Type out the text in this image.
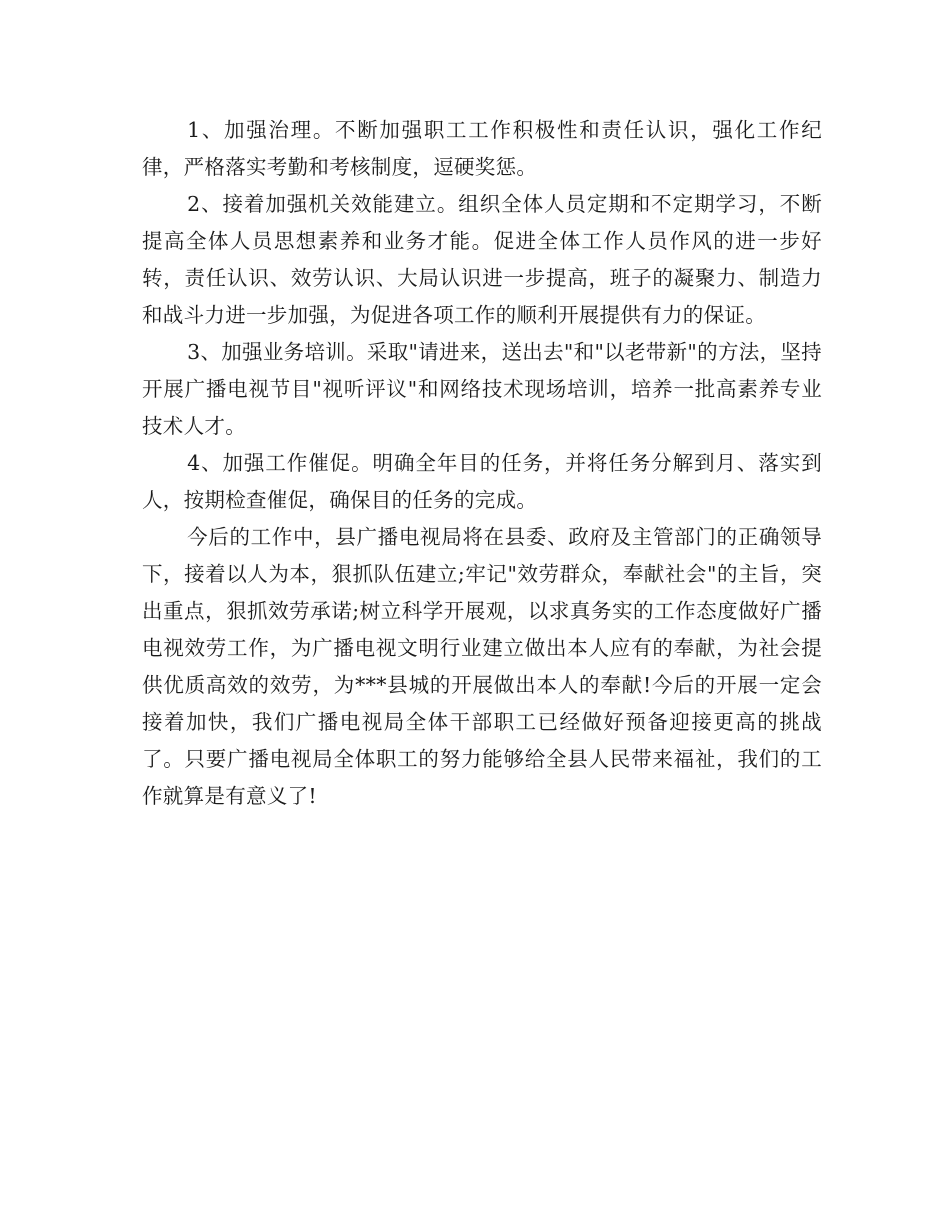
1、加强治理。不断加强职工工作积极性和责任认识，强化工作纪律，严格落实考勤和考核制度，逗硬奖惩。

2、接着加强机关效能建立。组织全体人员定期和不定期学习，不断提高全体人员思想素养和业务才能。促进全体工作人员作风的进一步好转，责任认识、效劳认识、大局认识进一步提高，班子的凝聚力、制造力和战斗力进一步加强，为促进各项工作的顺利开展提供有力的保证。

3、加强业务培训。采取"请进来，送出去"和"以老带新"的方法，坚持开展广播电视节目"视听评议"和网络技术现场培训，培养一批高素养专业技术人才。

4、加强工作催促。明确全年目的任务，并将任务分解到月、落实到人，按期检查催促，确保目的任务的完成。

今后的工作中，县广播电视局将在县委、政府及主管部门的正确领导下，接着以人为本，狠抓队伍建立;牢记"效劳群众，奉献社会"的主旨，突出重点，狠抓效劳承诺;树立科学开展观，以求真务实的工作态度做好广播电视效劳工作，为广播电视文明行业建立做出本人应有的奉献，为社会提供优质高效的效劳，为***县城的开展做出本人的奉献!今后的开展一定会接着加快，我们广播电视局全体干部职工已经做好预备迎接更高的挑战了。只要广播电视局全体职工的努力能够给全县人民带来福祉，我们的工作就算是有意义了!
